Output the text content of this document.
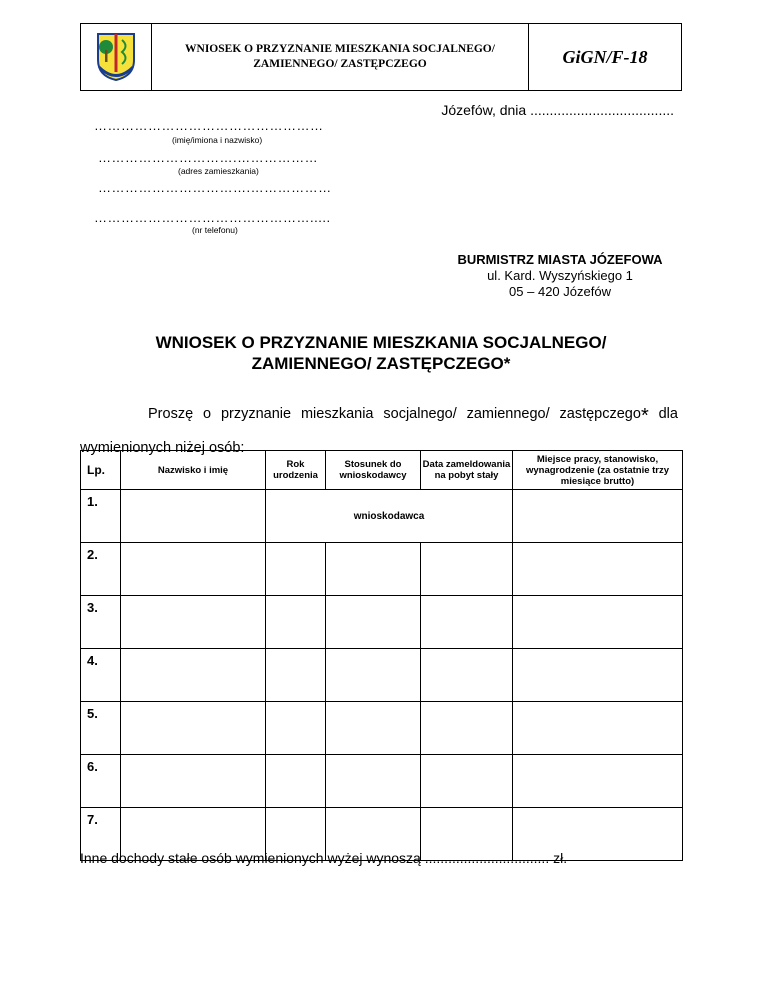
WNIOSEK O PRZYZNANIE MIESZKANIA SOCJALNEGO/
ZAMIENNEGO/ ZASTĘPCZEGO	GiGN/F-18
Józefów, dnia .....................................
……………………………………………
(imię/imiona i nazwisko)
………………………….………………
(adres zamieszkania)
…………………………….………………
………………………………………….....
(nr telefonu)
BURMISTRZ MIASTA JÓZEFOWA
ul. Kard. Wyszyńskiego 1
05 – 420 Józefów
WNIOSEK O PRZYZNANIE MIESZKANIA SOCJALNEGO/
ZAMIENNEGO/ ZASTĘPCZEGO*
Proszę o przyznanie mieszkania socjalnego/ zamiennego/ zastępczego* dla
wymienionych niżej osób:
Lp.	Nazwisko i imię	Rok urodzenia	Stosunek do wnioskodawcy	Data zameldowania na pobyt stały	Miejsce pracy, stanowisko, wynagrodzenie (za ostatnie trzy miesiące brutto)
1.		wnioskodawca			
2.					
3.					
4.					
5.					
6.					
7.					
Inne dochody stałe osób wymienionych wyżej wynoszą ................................ zł.
